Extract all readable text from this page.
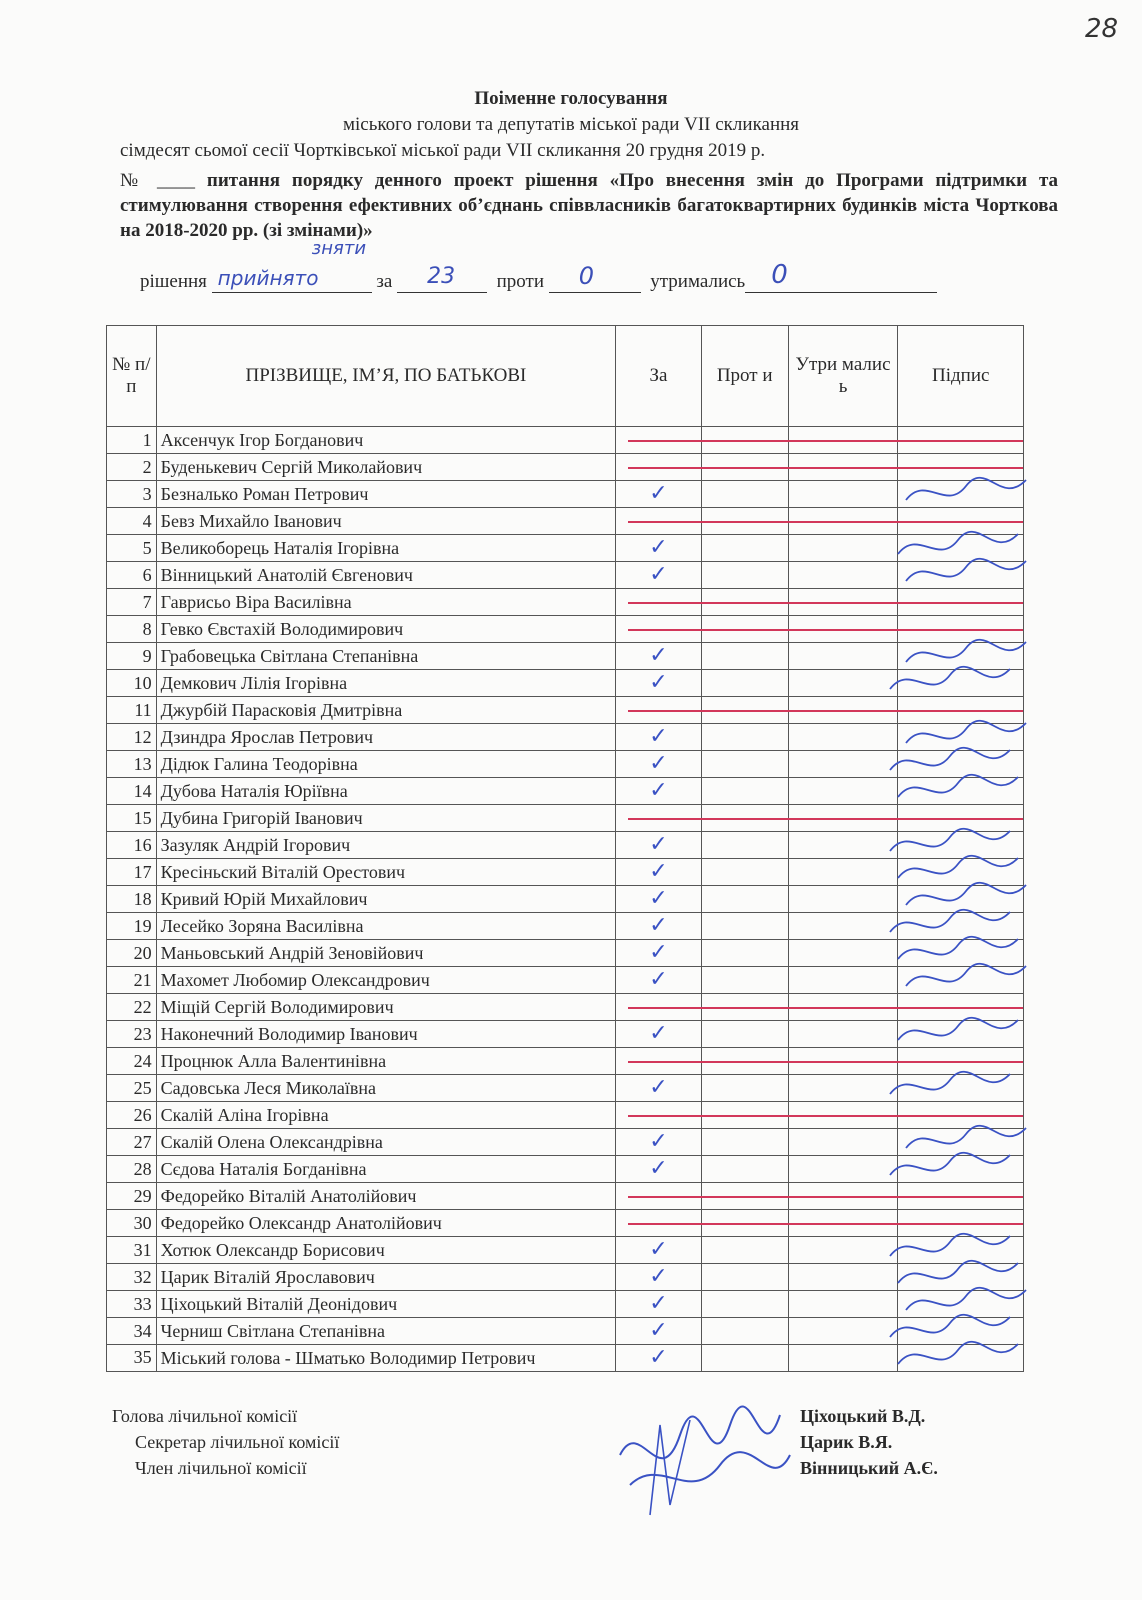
28
Поіменне голосування
міського голови та депутатів міської ради VII скликання
сімдесят сьомої сесії Чортківської міської ради VII скликання 20 грудня 2019 р.
№ ____ питання порядку денного проект рішення «Про внесення змін до Програми підтримки та стимулювання створення ефективних об’єднань співвласників багатоквартирних будинків міста Чорткова на 2018-2020 рр. (зі змінами)»
рішення прийнято
зняти
за 23 проти 0	утримались 0
№ п/п	ПРІЗВИЩЕ, ІМ’Я, ПО БАТЬКОВІ	За	Прот и	Утри малис ь	Підпис
1	Аксенчук Ігор Богданович				
2	Буденькевич Сергій Миколайович				
3	Безналько Роман Петрович	✓			
4	Бевз Михайло Іванович				
5	Великоборець Наталія Ігорівна	✓			
6	Вінницький Анатолій Євгенович	✓			
7	Гаврисьо Віра Василівна				
8	Гевко Євстахій Володимирович				
9	Грабовецька Світлана Степанівна	✓			
10	Демкович Лілія Ігорівна	✓			
11	Джурбій Парасковія Дмитрівна				
12	Дзиндра Ярослав Петрович	✓			
13	Дідюк Галина Теодорівна	✓			
14	Дубова Наталія Юріївна	✓			
15	Дубина Григорій Іванович				
16	Зазуляк Андрій Ігорович	✓			
17	Кресіньский Віталій Орестович	✓			
18	Кривий Юрій Михайлович	✓			
19	Лесейко Зоряна Василівна	✓			
20	Маньовський Андрій Зеновійович	✓			
21	Махомет Любомир Олександрович	✓			
22	Міщій Сергій Володимирович				
23	Наконечний Володимир Іванович	✓			
24	Процнюк Алла Валентинівна				
25	Садовська Леся Миколаївна	✓			
26	Скалій Аліна Ігорівна				
27	Скалій Олена Олександрівна	✓			
28	Сєдова Наталія Богданівна	✓			
29	Федорейко Віталій Анатолійович				
30	Федорейко Олександр Анатолійович				
31	Хотюк Олександр Борисович	✓			
32	Царик Віталій Ярославович	✓			
33	Ціхоцький Віталій Деонідович	✓			
34	Черниш Світлана Степанівна	✓			
35	Міський голова - Шматько Володимир Петрович	✓			
Голова лічильної комісії
Секретар лічильної комісії
Член лічильної комісії
Ціхоцький В.Д.
Царик В.Я.
Вінницький А.Є.
